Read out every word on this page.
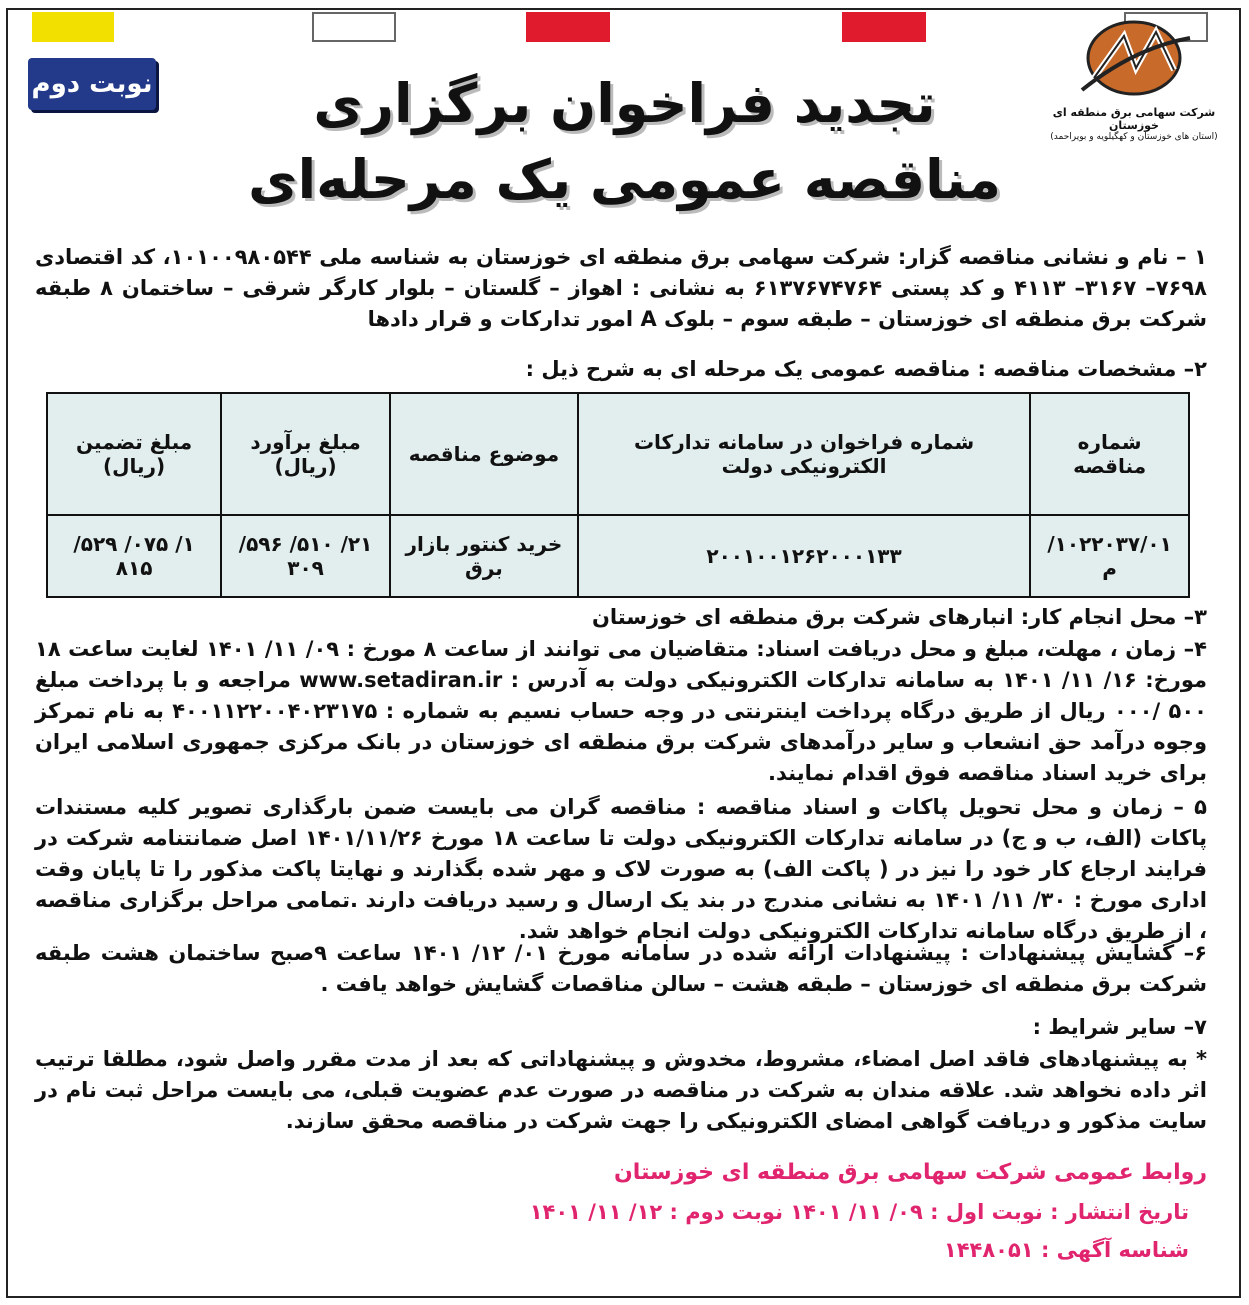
نوبت دوم
شرکت سهامی برق منطقه ای خوزستان
(استان های خوزستان و کهگیلویه و بویراحمد)
تجدید فراخوان برگزاری
مناقصه عمومی یک مرحله‌ای
۱ – نام و نشانی مناقصه گزار: شرکت سهامی برق منطقه ای خوزستان به شناسه ملی ۱۰۱۰۰۹۸۰۵۴۴، کد اقتصادی ۷۶۹۸– ۳۱۶۷– ۴۱۱۳ و کد پستی ۶۱۳۷۶۷۴۷۶۴ به نشانی : اهواز – گلستان – بلوار کارگر شرقی – ساختمان ۸ طبقه شرکت برق منطقه ای خوزستان – طبقه سوم – بلوک A امور تدارکات و قرار دادها
۲– مشخصات مناقصه : مناقصه عمومی یک مرحله ای به شرح ذیل :
شماره مناقصه	شماره فراخوان در سامانه تدارکات الکترونیکی دولت	موضوع مناقصه	مبلغ برآورد (ریال)	مبلغ تضمین (ریال)
۱۰۲۲۰۳۷/۰۱/ م	۲۰۰۱۰۰۱۲۶۲۰۰۰۱۳۳	خرید کنتور بازار برق	۲۱/ ۵۱۰/ ۵۹۶/ ۳۰۹	۱/ ۰۷۵/ ۵۲۹/ ۸۱۵
۳– محل انجام کار: انبارهای شرکت برق منطقه ای خوزستان
۴– زمان ، مهلت، مبلغ و محل دریافت اسناد: متقاضیان می توانند از ساعت ۸ مورخ : ۰۹/ ۱۱/ ۱۴۰۱ لغایت ساعت ۱۸ مورخ: ۱۶/ ۱۱/ ۱۴۰۱ به سامانه تدارکات الکترونیکی دولت به آدرس : www.setadiran.ir مراجعه و با پرداخت مبلغ ۵۰۰ /۰۰۰ ریال از طریق درگاه پرداخت اینترنتی در وجه حساب نسیم به شماره : ۴۰۰۱۱۲۲۰۰۴۰۲۳۱۷۵ به نام تمرکز وجوه درآمد حق انشعاب و سایر درآمدهای شرکت برق منطقه ای خوزستان در بانک مرکزی جمهوری اسلامی ایران برای خرید اسناد مناقصه فوق اقدام نمایند.
۵ – زمان و محل تحویل پاکات و اسناد مناقصه : مناقصه گران می بایست ضمن بارگذاری تصویر کلیه مستندات پاکات (الف، ب و ج) در سامانه تدارکات الکترونیکی دولت تا ساعت ۱۸ مورخ ۱۴۰۱/۱۱/۲۶ اصل ضمانتنامه شرکت در فرایند ارجاع کار خود را نیز در ( پاکت الف) به صورت لاک و مهر شده بگذارند و نهایتا پاکت مذکور را تا پایان وقت اداری مورخ : ۳۰/ ۱۱/ ۱۴۰۱ به نشانی مندرج در بند یک ارسال و رسید دریافت دارند .تمامی مراحل برگزاری مناقصه ، از طریق درگاه سامانه تدارکات الکترونیکی دولت انجام خواهد شد.
۶– گشایش پیشنهادات : پیشنهادات ارائه شده در سامانه مورخ ۰۱/ ۱۲/ ۱۴۰۱ ساعت ۹صبح ساختمان هشت طبقه شرکت برق منطقه ای خوزستان – طبقه هشت – سالن مناقصات گشایش خواهد یافت .
۷– سایر شرایط :
* به پیشنهادهای فاقد اصل امضاء، مشروط، مخدوش و پیشنهاداتی که بعد از مدت مقرر واصل شود، مطلقا ترتیب اثر داده نخواهد شد. علاقه مندان به شرکت در مناقصه در صورت عدم عضویت قبلی، می بایست مراحل ثبت نام در سایت مذکور و دریافت گواهی امضای الکترونیکی را جهت شرکت در مناقصه محقق سازند.
روابط عمومی شرکت سهامی برق منطقه ای خوزستان
تاریخ انتشار : نوبت اول : ۰۹/ ۱۱/ ۱۴۰۱ نوبت دوم : ۱۲/ ۱۱/ ۱۴۰۱
شناسه آگهی : ۱۴۴۸۰۵۱
